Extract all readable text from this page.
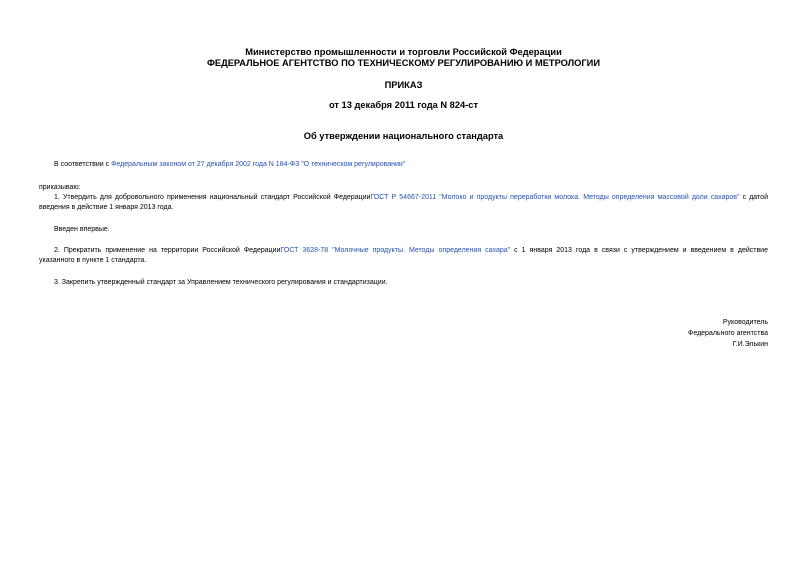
Министерство промышленности и торговли Российской Федерации
ФЕДЕРАЛЬНОЕ АГЕНТСТВО ПО ТЕХНИЧЕСКОМУ РЕГУЛИРОВАНИЮ И МЕТРОЛОГИИ
ПРИКАЗ
от 13 декабря 2011 года N 824-ст
Об утверждении национального стандарта
В соответствии с Федеральным законом от 27 декабря 2002 года N 184-ФЗ "О техническом регулировании"
приказываю:
1. Утвердить для добровольного применения национальный стандарт Российской ФедерацииГОСТ Р 54667-2011 "Молоко и продукты переработки молока. Методы определения массовой доли сахаров" с датой
введения в действие 1 января 2013 года.
Введен впервые.
2. Прекратить применение на территории Российской ФедерацииГОСТ 3628-78 "Молочные продукты. Методы определения сахара" с 1 января 2013 года в связи с утверждением и введением в действие
указанного в пункте 1 стандарта.
3. Закрепить утвержденный стандарт за Управлением технического регулирования и стандартизации.
Руководитель
Федерального агентства
Г.И.Элькин
